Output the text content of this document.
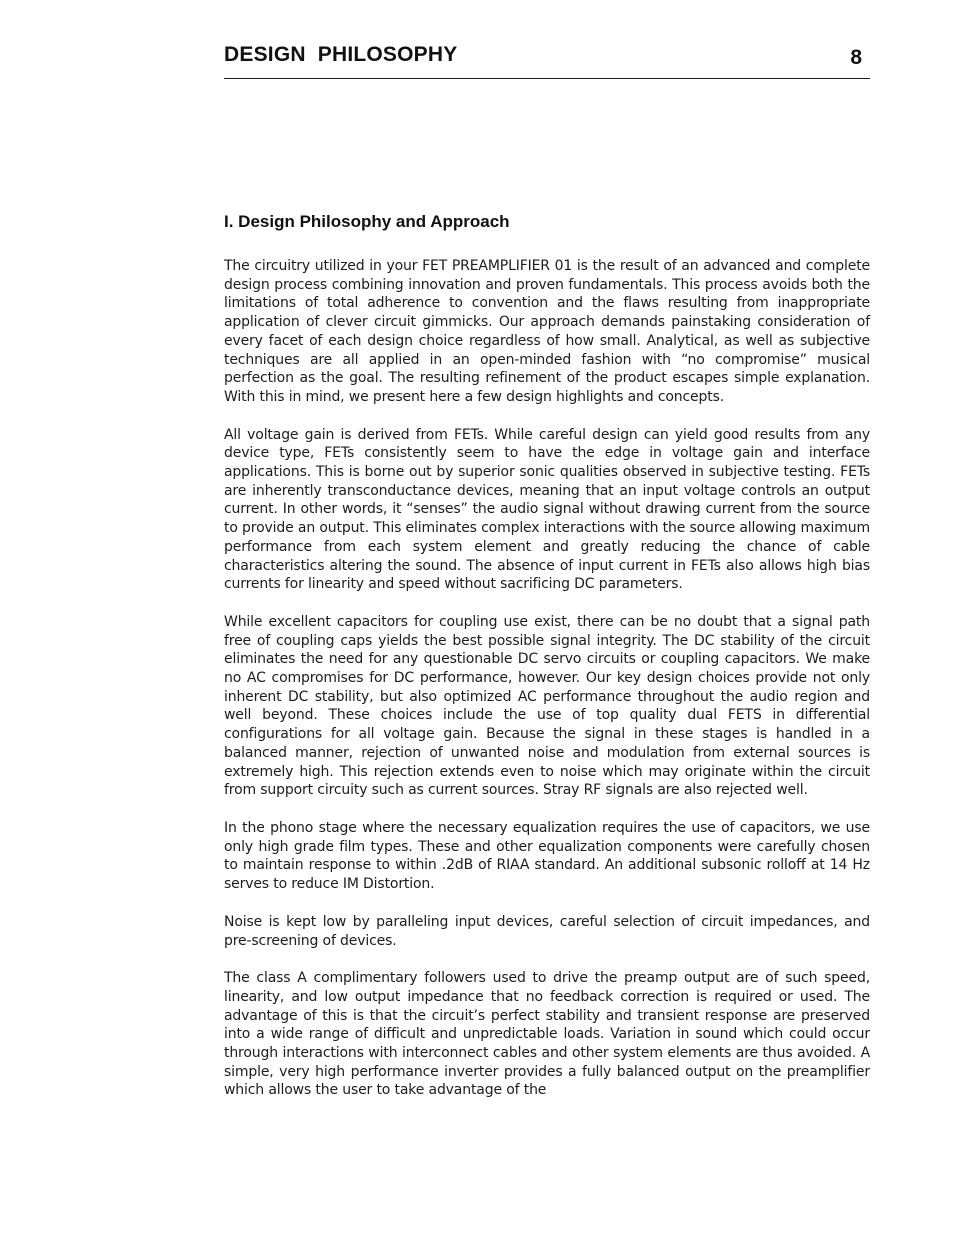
DESIGN PHILOSOPHY	8
I. Design Philosophy and Approach

The circuitry utilized in your FET PREAMPLIFIER 01 is the result of an advanced and complete design process combining innovation and proven fundamentals. This process avoids both the limitations of total adherence to convention and the flaws resulting from inappropriate application of clever circuit gimmicks. Our approach demands painstaking consideration of every facet of each design choice regardless of how small. Analytical, as well as subjective techniques are all applied in an open-minded fashion with “no compromise” musical perfection as the goal. The resulting refinement of the product escapes simple explanation. With this in mind, we present here a few design highlights and concepts.

All voltage gain is derived from FETs. While careful design can yield good results from any device type, FETs consistently seem to have the edge in voltage gain and interface applications. This is borne out by superior sonic qualities observed in subjective testing. FETs are inherently transconductance devices, meaning that an input voltage controls an output current. In other words, it “senses” the audio signal without drawing current from the source to provide an output. This eliminates complex interactions with the source allowing maximum performance from each system element and greatly reducing the chance of cable characteristics altering the sound. The absence of input current in FETs also allows high bias currents for linearity and speed without sacrificing DC parameters.

While excellent capacitors for coupling use exist, there can be no doubt that a signal path free of coupling caps yields the best possible signal integrity. The DC stability of the circuit eliminates the need for any questionable DC servo circuits or coupling capacitors. We make no AC compromises for DC performance, however. Our key design choices provide not only inherent DC stability, but also optimized AC performance throughout the audio region and well beyond. These choices include the use of top quality dual FETS in differential configurations for all voltage gain. Because the signal in these stages is handled in a balanced manner, rejection of unwanted noise and modulation from external sources is extremely high. This rejection extends even to noise which may originate within the circuit from support circuity such as current sources. Stray RF signals are also rejected well.

In the phono stage where the necessary equalization requires the use of capacitors, we use only high grade film types. These and other equalization components were carefully chosen to maintain response to within .2dB of RIAA standard. An additional subsonic rolloff at 14 Hz serves to reduce IM Distortion.

Noise is kept low by paralleling input devices, careful selection of circuit impedances, and pre-screening of devices.

The class A complimentary followers used to drive the preamp output are of such speed, linearity, and low output impedance that no feedback correction is required or used. The advantage of this is that the circuit’s perfect stability and transient response are preserved into a wide range of difficult and unpredictable loads. Variation in sound which could occur through interactions with interconnect cables and other system elements are thus avoided. A simple, very high performance inverter provides a fully balanced output on the preamplifier which allows the user to take advantage of the
